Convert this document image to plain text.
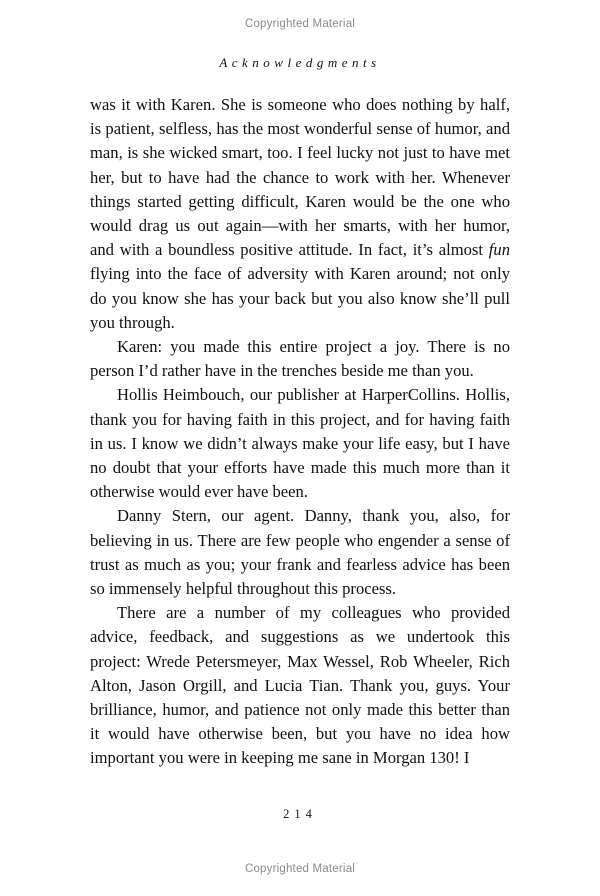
Copyrighted Material
Acknowledgments

was it with Karen. She is someone who does nothing by half, is patient, selfless, has the most wonderful sense of humor, and man, is she wicked smart, too. I feel lucky not just to have met her, but to have had the chance to work with her. Whenever things started getting difficult, Karen would be the one who would drag us out again—with her smarts, with her humor, and with a boundless positive attitude. In fact, it’s almost fun flying into the face of adversity with Karen around; not only do you know she has your back but you also know she’ll pull you through.

Karen: you made this entire project a joy. There is no person I’d rather have in the trenches beside me than you.

Hollis Heimbouch, our publisher at HarperCollins. Hollis, thank you for having faith in this project, and for having faith in us. I know we didn’t always make your life easy, but I have no doubt that your efforts have made this much more than it otherwise would ever have been.

Danny Stern, our agent. Danny, thank you, also, for believing in us. There are few people who engender a sense of trust as much as you; your frank and fearless advice has been so immensely helpful throughout this process.

There are a number of my colleagues who provided advice, feedback, and suggestions as we undertook this project: Wrede Petersmeyer, Max Wessel, Rob Wheeler, Rich Alton, Jason Orgill, and Lucia Tian. Thank you, guys. Your brilliance, humor, and patience not only made this better than it would have otherwise been, but you have no idea how important you were in keeping me sane in Morgan 130! I

214
Copyrighted Material
